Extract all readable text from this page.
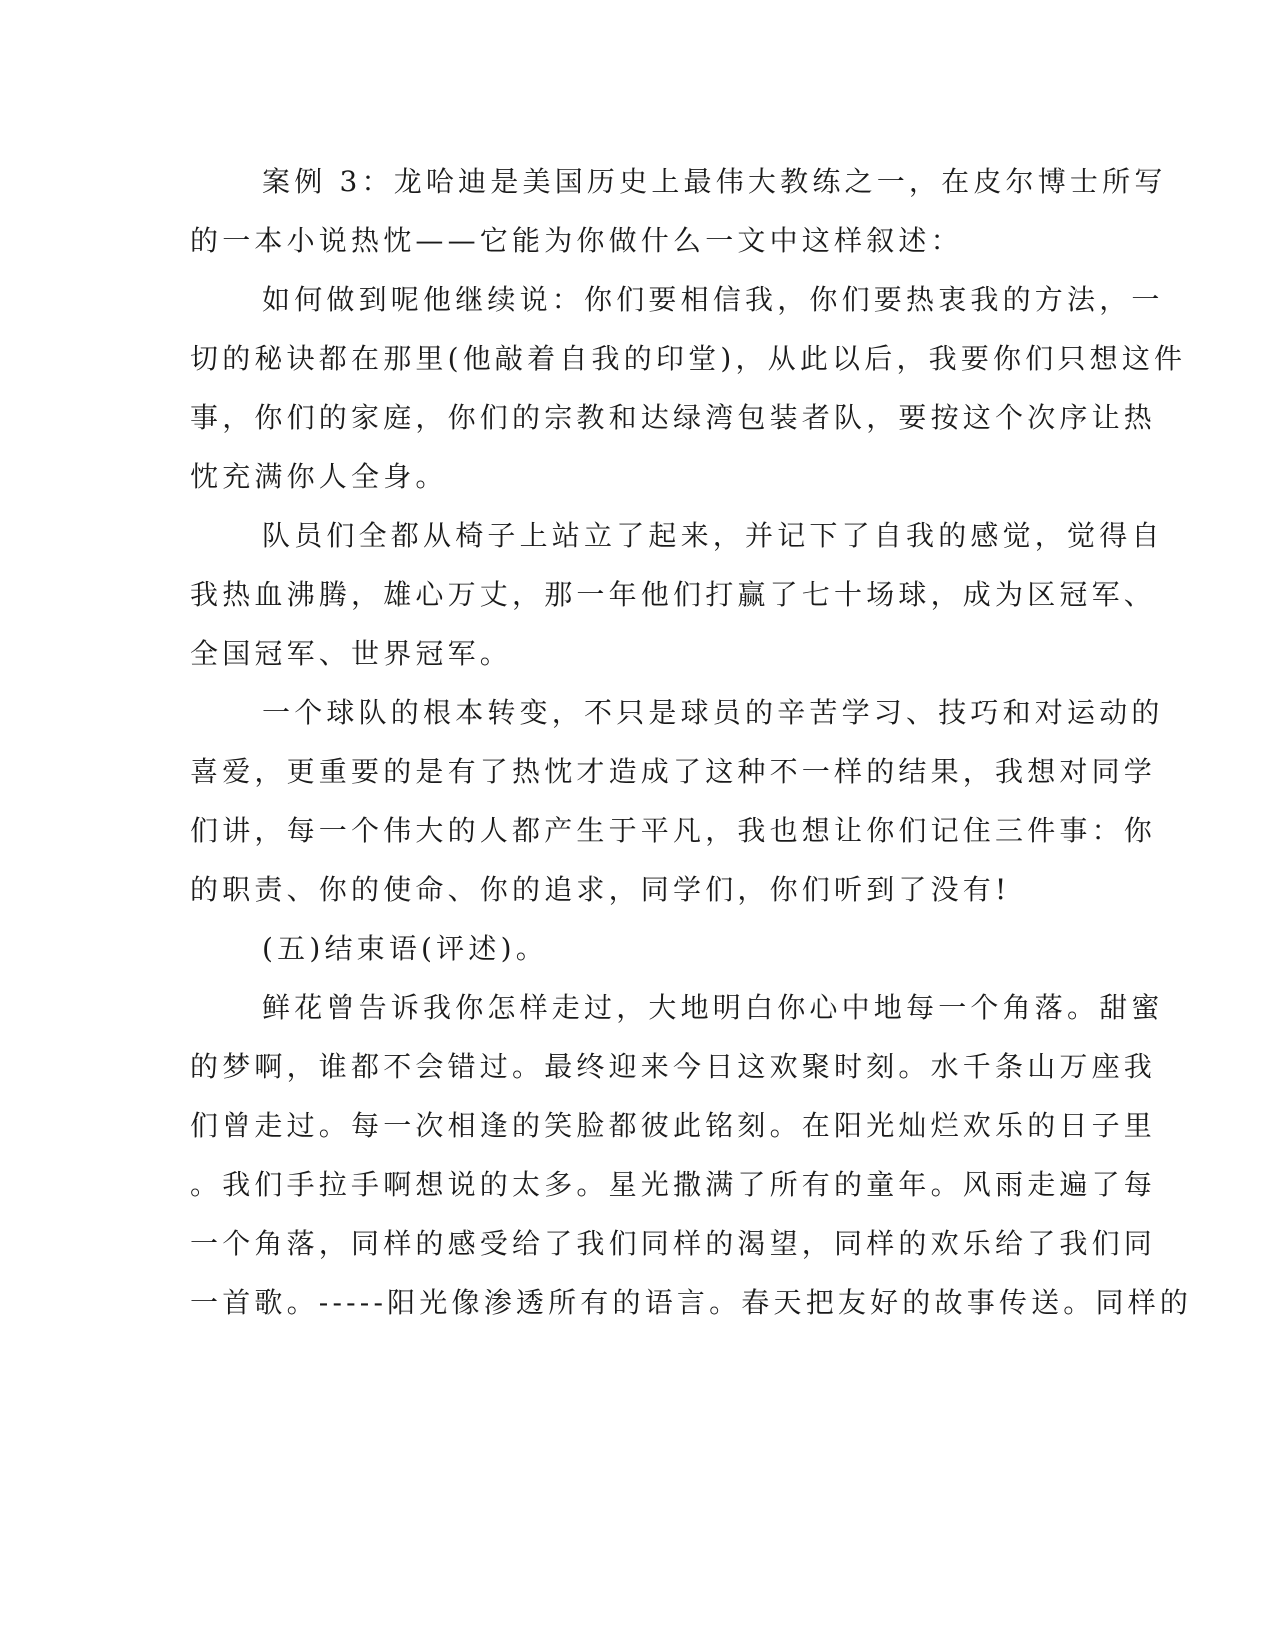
案例 3：龙哈迪是美国历史上最伟大教练之一，在皮尔博士所写
的一本小说热忱——它能为你做什么一文中这样叙述：
如何做到呢他继续说：你们要相信我，你们要热衷我的方法，一
切的秘诀都在那里(他敲着自我的印堂)，从此以后，我要你们只想这件
事，你们的家庭，你们的宗教和达绿湾包装者队，要按这个次序让热
忱充满你人全身。
队员们全都从椅子上站立了起来，并记下了自我的感觉，觉得自
我热血沸腾，雄心万丈，那一年他们打赢了七十场球，成为区冠军、
全国冠军、世界冠军。
一个球队的根本转变，不只是球员的辛苦学习、技巧和对运动的
喜爱，更重要的是有了热忱才造成了这种不一样的结果，我想对同学
们讲，每一个伟大的人都产生于平凡，我也想让你们记住三件事：你
的职责、你的使命、你的追求，同学们，你们听到了没有!
(五)结束语(评述)。
鲜花曾告诉我你怎样走过，大地明白你心中地每一个角落。甜蜜
的梦啊，谁都不会错过。最终迎来今日这欢聚时刻。水千条山万座我
们曾走过。每一次相逢的笑脸都彼此铭刻。在阳光灿烂欢乐的日子里
。我们手拉手啊想说的太多。星光撒满了所有的童年。风雨走遍了每
一个角落，同样的感受给了我们同样的渴望，同样的欢乐给了我们同
一首歌。-----阳光像渗透所有的语言。春天把友好的故事传送。同样的
